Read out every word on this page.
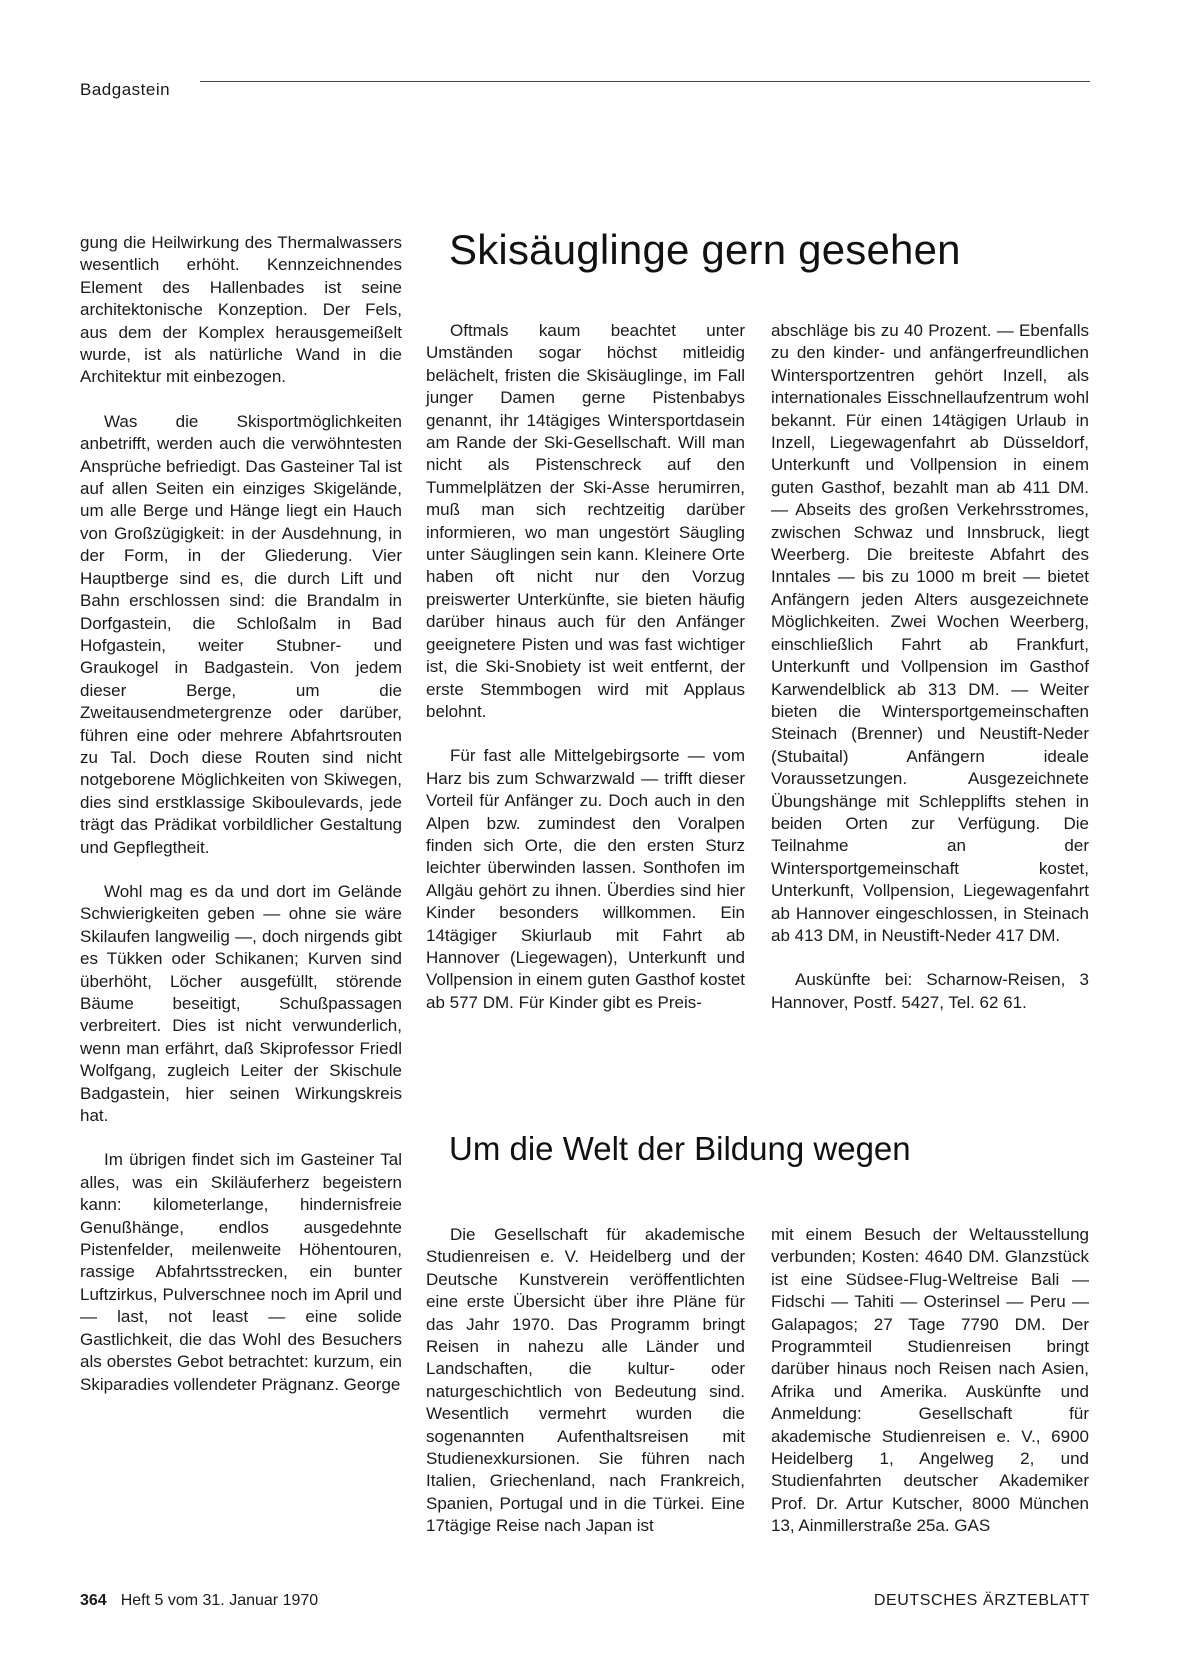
Badgastein

gung die Heilwirkung des Thermalwassers wesentlich erhöht. Kennzeichnendes Element des Hallenbades ist seine architektonische Konzeption. Der Fels, aus dem der Komplex herausgemeißelt wurde, ist als natürliche Wand in die Architektur mit einbezogen.

Was die Skisportmöglichkeiten anbetrifft, werden auch die verwöhntesten Ansprüche befriedigt. Das Gasteiner Tal ist auf allen Seiten ein einziges Skigelände, um alle Berge und Hänge liegt ein Hauch von Großzügigkeit: in der Ausdehnung, in der Form, in der Gliederung. Vier Hauptberge sind es, die durch Lift und Bahn erschlossen sind: die Brandalm in Dorfgastein, die Schloßalm in Bad Hofgastein, weiter Stubner- und Graukogel in Badgastein. Von jedem dieser Berge, um die Zweitausendmetergrenze oder darüber, führen eine oder mehrere Abfahrtsrouten zu Tal. Doch diese Routen sind nicht notgeborene Möglichkeiten von Skiwegen, dies sind erstklassige Skiboulevards, jede trägt das Prädikat vorbildlicher Gestaltung und Gepflegtheit.

Wohl mag es da und dort im Gelände Schwierigkeiten geben — ohne sie wäre Skilaufen langweilig —, doch nirgends gibt es Tükken oder Schikanen; Kurven sind überhöht, Löcher ausgefüllt, störende Bäume beseitigt, Schußpassagen verbreitert. Dies ist nicht verwunderlich, wenn man erfährt, daß Skiprofessor Friedl Wolfgang, zugleich Leiter der Skischule Badgastein, hier seinen Wirkungskreis hat.

Im übrigen findet sich im Gasteiner Tal alles, was ein Skiläuferherz begeistern kann: kilometerlange, hindernisfreie Genußhänge, endlos ausgedehnte Pistenfelder, meilenweite Höhentouren, rassige Abfahrtsstrecken, ein bunter Luftzirkus, Pulverschnee noch im April und — last, not least — eine solide Gastlichkeit, die das Wohl des Besuchers als oberstes Gebot betrachtet: kurzum, ein Skiparadies vollendeter Prägnanz. George

Skisäuglinge gern gesehen

Oftmals kaum beachtet unter Umständen sogar höchst mitleidig belächelt, fristen die Skisäuglinge, im Fall junger Damen gerne Pistenbabys genannt, ihr 14tägiges Wintersportdasein am Rande der Ski-Gesellschaft. Will man nicht als Pistenschreck auf den Tummelplätzen der Ski-Asse herumirren, muß man sich rechtzeitig darüber informieren, wo man ungestört Säugling unter Säuglingen sein kann. Kleinere Orte haben oft nicht nur den Vorzug preiswerter Unterkünfte, sie bieten häufig darüber hinaus auch für den Anfänger geeignetere Pisten und was fast wichtiger ist, die Ski-Snobiety ist weit entfernt, der erste Stemmbogen wird mit Applaus belohnt.

Für fast alle Mittelgebirgsorte — vom Harz bis zum Schwarzwald — trifft dieser Vorteil für Anfänger zu. Doch auch in den Alpen bzw. zumindest den Voralpen finden sich Orte, die den ersten Sturz leichter überwinden lassen. Sonthofen im Allgäu gehört zu ihnen. Überdies sind hier Kinder besonders willkommen. Ein 14tägiger Skiurlaub mit Fahrt ab Hannover (Liegewagen), Unterkunft und Vollpension in einem guten Gasthof kostet ab 577 DM. Für Kinder gibt es Preis-

abschläge bis zu 40 Prozent. — Ebenfalls zu den kinder- und anfängerfreundlichen Wintersportzentren gehört Inzell, als internationales Eisschnellaufzentrum wohl bekannt. Für einen 14tägigen Urlaub in Inzell, Liegewagenfahrt ab Düsseldorf, Unterkunft und Vollpension in einem guten Gasthof, bezahlt man ab 411 DM. — Abseits des großen Verkehrsstromes, zwischen Schwaz und Innsbruck, liegt Weerberg. Die breiteste Abfahrt des Inntales — bis zu 1000 m breit — bietet Anfängern jeden Alters ausgezeichnete Möglichkeiten. Zwei Wochen Weerberg, einschließlich Fahrt ab Frankfurt, Unterkunft und Vollpension im Gasthof Karwendelblick ab 313 DM. — Weiter bieten die Wintersportgemeinschaften Steinach (Brenner) und Neustift-Neder (Stubaital) Anfängern ideale Voraussetzungen. Ausgezeichnete Übungshänge mit Schlepplifts stehen in beiden Orten zur Verfügung. Die Teilnahme an der Wintersportgemeinschaft kostet, Unterkunft, Vollpension, Liegewagenfahrt ab Hannover eingeschlossen, in Steinach ab 413 DM, in Neustift-Neder 417 DM.

Auskünfte bei: Scharnow-Reisen, 3 Hannover, Postf. 5427, Tel. 62 61.

Um die Welt der Bildung wegen

Die Gesellschaft für akademische Studienreisen e. V. Heidelberg und der Deutsche Kunstverein veröffentlichten eine erste Übersicht über ihre Pläne für das Jahr 1970. Das Programm bringt Reisen in nahezu alle Länder und Landschaften, die kultur- oder naturgeschichtlich von Bedeutung sind. Wesentlich vermehrt wurden die sogenannten Aufenthaltsreisen mit Studienexkursionen. Sie führen nach Italien, Griechenland, nach Frankreich, Spanien, Portugal und in die Türkei. Eine 17tägige Reise nach Japan ist

mit einem Besuch der Weltausstellung verbunden; Kosten: 4640 DM. Glanzstück ist eine Südsee-Flug-Weltreise Bali — Fidschi — Tahiti — Osterinsel — Peru — Galapagos; 27 Tage 7790 DM. Der Programmteil Studienreisen bringt darüber hinaus noch Reisen nach Asien, Afrika und Amerika. Auskünfte und Anmeldung: Gesellschaft für akademische Studienreisen e. V., 6900 Heidelberg 1, Angelweg 2, und Studienfahrten deutscher Akademiker Prof. Dr. Artur Kutscher, 8000 München 13, Ainmillerstraße 25a. GAS

364 Heft 5 vom 31. Januar 1970	DEUTSCHES ÄRZTEBLATT
